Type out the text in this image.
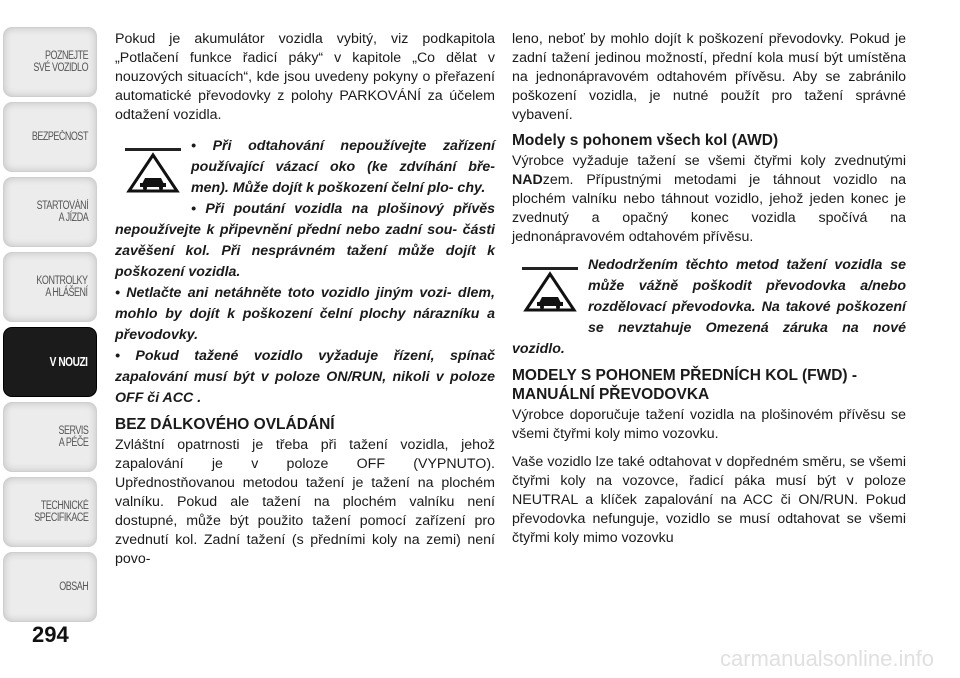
POZNEJTE
SVÉ VOZIDLO
BEZPEČNOST
STARTOVÁNÍ
A JÍZDA
KONTROLKY
A HLÁŠENÍ
V NOUZI
SERVIS
A PÉČE
TECHNICKÉ
SPECIFIKACE
OBSAH
294

Pokud je akumulátor vozidla vybitý, viz podkapitola „Potlačení funkce řadicí páky“ v kapitole „Co dělat v nouzových situacích“, kde jsou uvedeny pokyny o přeřazení automatické převodovky z polohy PARKOVÁNÍ za účelem odtažení vozidla.

• Při odtahování nepoužívejte zařízení používající vázací oko (ke zdvíhání bře- men). Může dojít k poškození čelní plo- chy.

• Při poutání vozidla na plošinový přívěs nepoužívejte k připevnění přední nebo zadní sou- části zavěšení kol. Při nesprávném tažení může dojít k poškození vozidla.

• Netlačte ani netáhněte toto vozidlo jiným vozi- dlem, mohlo by dojít k poškození čelní plochy nárazníku a převodovky.

• Pokud tažené vozidlo vyžaduje řízení, spínač zapalování musí být v poloze ON/RUN, nikoli v poloze OFF či ACC .

BEZ DÁLKOVÉHO OVLÁDÁNÍ

Zvláštní opatrnosti je třeba při tažení vozidla, jehož zapalování je v poloze OFF (VYPNUTO). Upřednostňovanou metodou tažení je tažení na plochém valníku. Pokud ale tažení na plochém valníku není dostupné, může být použito tažení pomocí zařízení pro zvednutí kol. Zadní tažení (s předními koly na zemi) není povo-

leno, neboť by mohlo dojít k poškození převodovky. Pokud je zadní tažení jedinou možností, přední kola musí být umístěna na jednonápravovém odtahovém přívěsu. Aby se zabránilo poškození vozidla, je nutné použít pro tažení správné vybavení.

Modely s pohonem všech kol (AWD)

Výrobce vyžaduje tažení se všemi čtyřmi koly zvednutými NADzem. Přípustnými metodami je táhnout vozidlo na plochém valníku nebo táhnout vozidlo, jehož jeden konec je zvednutý a opačný konec vozidla spočívá na jednonápravovém odtahovém přívěsu.

Nedodržením těchto metod tažení vozidla se může vážně poškodit převodovka a/nebo rozdělovací převodovka. Na takové poškození se nevztahuje Omezená záruka na nové vozidlo.

MODELY S POHONEM PŘEDNÍCH KOL (FWD) - MANUÁLNÍ PŘEVODOVKA

Výrobce doporučuje tažení vozidla na plošinovém přívěsu se všemi čtyřmi koly mimo vozovku.

Vaše vozidlo lze také odtahovat v dopředném směru, se všemi čtyřmi koly na vozovce, řadicí páka musí být v poloze NEUTRAL a klíček zapalování na ACC či ON/RUN. Pokud převodovka nefunguje, vozidlo se musí odtahovat se všemi čtyřmi koly mimo vozovku

carmanualsonline.info
